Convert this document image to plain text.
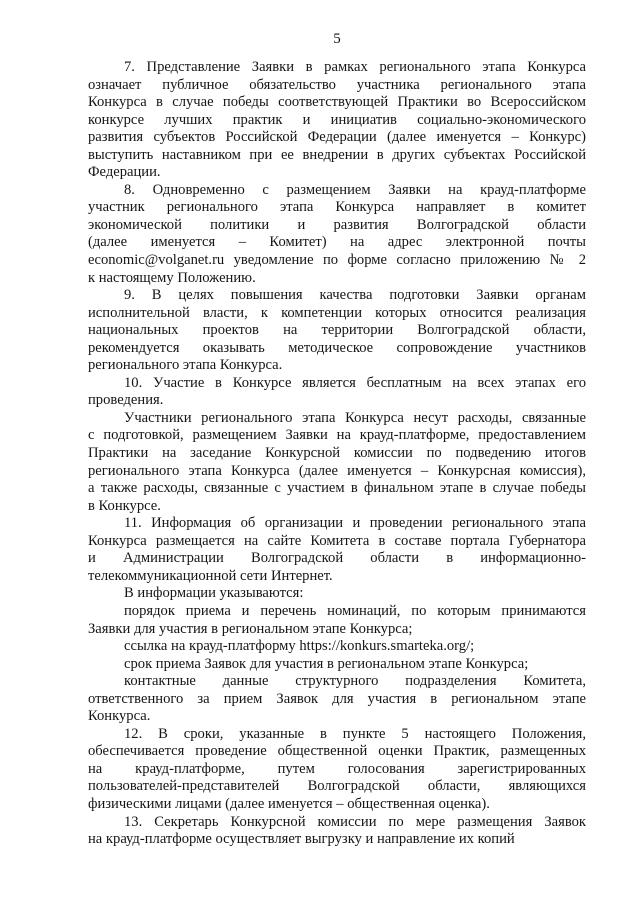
5
7. Представление Заявки в рамках регионального этапа Конкурса
означает публичное обязательство участника регионального этапа
Конкурса в случае победы соответствующей Практики во Всероссийском
конкурсе лучших практик и инициатив социально-экономического
развития субъектов Российской Федерации (далее именуется – Конкурс)
выступить наставником при ее внедрении в других субъектах Российской
Федерации.
8. Одновременно с размещением Заявки на крауд-платформе
участник регионального этапа Конкурса направляет в комитет
экономической политики и развития Волгоградской области
(далее именуется – Комитет) на адрес электронной почты
economic@volganet.ru уведомление по форме согласно приложению № 2
к настоящему Положению.
9. В целях повышения качества подготовки Заявки органам
исполнительной власти, к компетенции которых относится реализация
национальных проектов на территории Волгоградской области,
рекомендуется оказывать методическое сопровождение участников
регионального этапа Конкурса.
10. Участие в Конкурсе является бесплатным на всех этапах его
проведения.
Участники регионального этапа Конкурса несут расходы, связанные
с подготовкой, размещением Заявки на крауд-платформе, предоставлением
Практики на заседание Конкурсной комиссии по подведению итогов
регионального этапа Конкурса (далее именуется – Конкурсная комиссия),
а также расходы, связанные с участием в финальном этапе в случае победы
в Конкурсе.
11. Информация об организации и проведении регионального этапа
Конкурса размещается на сайте Комитета в составе портала Губернатора
и Администрации Волгоградской области в информационно-
телекоммуникационной сети Интернет.
В информации указываются:
порядок приема и перечень номинаций, по которым принимаются
Заявки для участия в региональном этапе Конкурса;
ссылка на крауд-платформу https://konkurs.smarteka.org/;
срок приема Заявок для участия в региональном этапе Конкурса;
контактные данные структурного подразделения Комитета,
ответственного за прием Заявок для участия в региональном этапе
Конкурса.
12. В сроки, указанные в пункте 5 настоящего Положения,
обеспечивается проведение общественной оценки Практик, размещенных
на крауд-платформе, путем голосования зарегистрированных
пользователей-представителей Волгоградской области, являющихся
физическими лицами (далее именуется – общественная оценка).
13. Секретарь Конкурсной комиссии по мере размещения Заявок
на крауд-платформе осуществляет выгрузку и направление их копий
